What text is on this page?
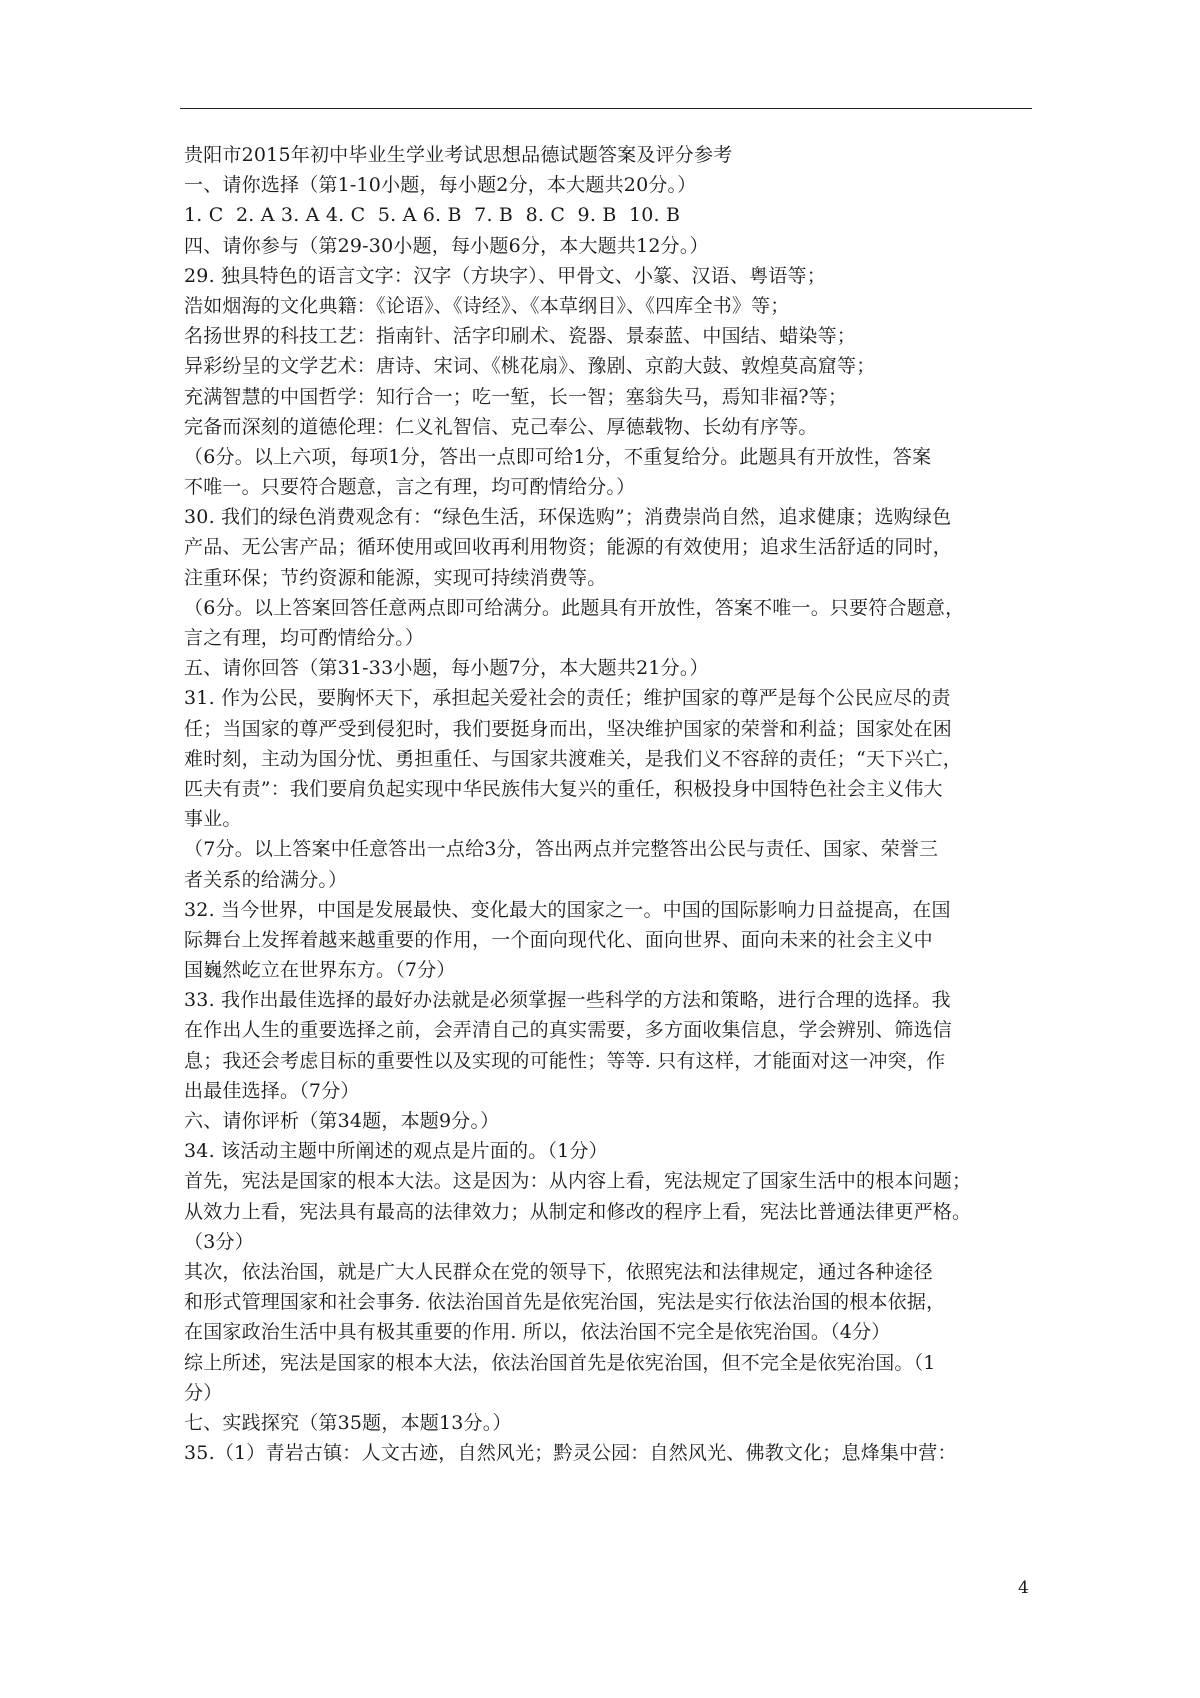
贵阳市2015年初中毕业生学业考试思想品德试题答案及评分参考
一、请你选择（第1-10小题，每小题2分，本大题共20分。）
1. C  2. A 3. A 4. C  5. A 6. B  7. B  8. C  9. B  10. B
四、请你参与（第29-30小题，每小题6分，本大题共12分。）
29. 独具特色的语言文字：汉字（方块字）、甲骨文、小篆、汉语、粤语等；
浩如烟海的文化典籍：《论语》、《诗经》、《本草纲目》、《四库全书》等；
名扬世界的科技工艺：指南针、活字印刷术、瓷器、景泰蓝、中国结、蜡染等；
异彩纷呈的文学艺术：唐诗、宋词、《桃花扇》、豫剧、京韵大鼓、敦煌莫高窟等；
充满智慧的中国哲学：知行合一；吃一堑，长一智；塞翁失马，焉知非福?等；
完备而深刻的道德伦理：仁义礼智信、克己奉公、厚德载物、长幼有序等。
（6分。以上六项，每项1分，答出一点即可给1分，不重复给分。此题具有开放性，答案
不唯一。只要符合题意，言之有理，均可酌情给分。）
30. 我们的绿色消费观念有：“绿色生活，环保选购”；消费崇尚自然，追求健康；选购绿色
产品、无公害产品；循环使用或回收再利用物资；能源的有效使用；追求生活舒适的同时，
注重环保；节约资源和能源，实现可持续消费等。
（6分。以上答案回答任意两点即可给满分。此题具有开放性，答案不唯一。只要符合题意，
言之有理，均可酌情给分。）
五、请你回答（第31-33小题，每小题7分，本大题共21分。）
31. 作为公民，要胸怀天下，承担起关爱社会的责任；维护国家的尊严是每个公民应尽的责
任；当国家的尊严受到侵犯时，我们要挺身而出，坚决维护国家的荣誉和利益；国家处在困
难时刻，主动为国分忧、勇担重任、与国家共渡难关，是我们义不容辞的责任；“天下兴亡，
匹夫有责”：我们要肩负起实现中华民族伟大复兴的重任，积极投身中国特色社会主义伟大
事业。
（7分。以上答案中任意答出一点给3分，答出两点并完整答出公民与责任、国家、荣誉三
者关系的给满分。）
32. 当今世界，中国是发展最快、变化最大的国家之一。中国的国际影响力日益提高，在国
际舞台上发挥着越来越重要的作用，一个面向现代化、面向世界、面向未来的社会主义中
国巍然屹立在世界东方。（7分）
33. 我作出最佳选择的最好办法就是必须掌握一些科学的方法和策略，进行合理的选择。我
在作出人生的重要选择之前，会弄清自己的真实需要，多方面收集信息，学会辨别、筛选信
息；我还会考虑目标的重要性以及实现的可能性；等等. 只有这样，才能面对这一冲突，作
出最佳选择。（7分）
六、请你评析（第34题，本题9分。）
34. 该活动主题中所阐述的观点是片面的。（1分）
首先，宪法是国家的根本大法。这是因为：从内容上看，宪法规定了国家生活中的根本问题；
从效力上看，宪法具有最高的法律效力；从制定和修改的程序上看，宪法比普通法律更严格。
（3分）
其次，依法治国，就是广大人民群众在党的领导下，依照宪法和法律规定，通过各种途径
和形式管理国家和社会事务. 依法治国首先是依宪治国，宪法是实行依法治国的根本依据，
在国家政治生活中具有极其重要的作用. 所以，依法治国不完全是依宪治国。（4分）
综上所述，宪法是国家的根本大法，依法治国首先是依宪治国，但不完全是依宪治国。（1
分）
七、实践探究（第35题，本题13分。）
35.（1）青岩古镇：人文古迹，自然风光；黔灵公园：自然风光、佛教文化；息烽集中营：
4
